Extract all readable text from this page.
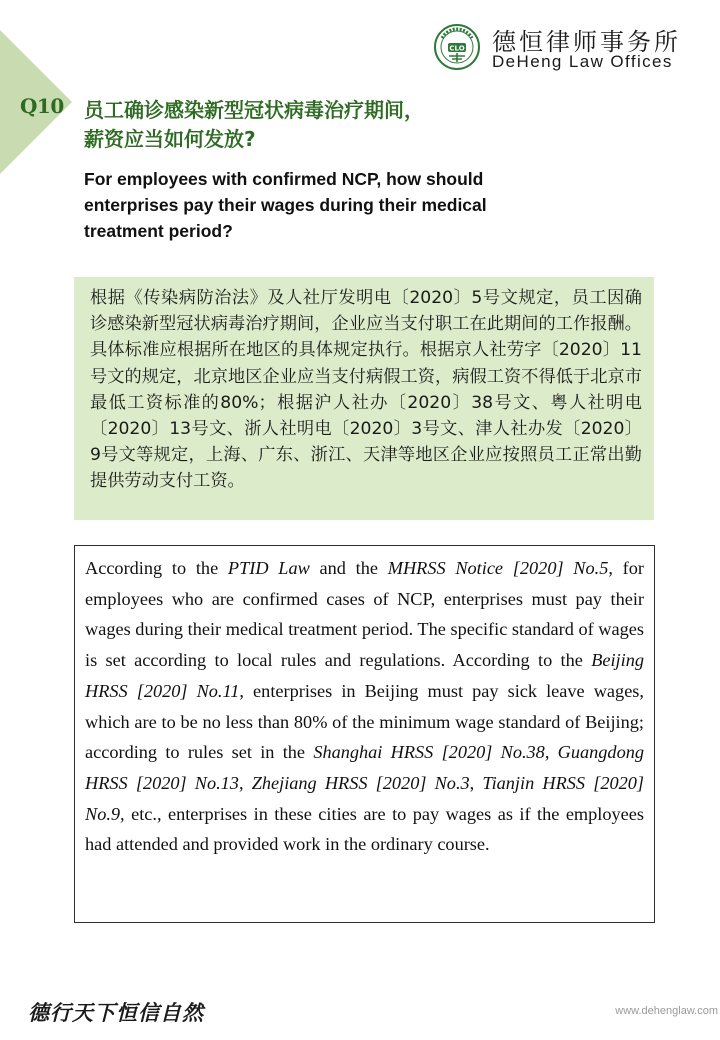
Q10
CLO 德恒律师事务所
DeHeng Law Offices
员工确诊感染新型冠状病毒治疗期间，
薪资应当如何发放?
For employees with confirmed NCP, how should enterprises pay their wages during their medical treatment period?

根据《传染病防治法》及人社厅发明电〔2020〕5号文规定，员工因确诊感染新型冠状病毒治疗期间，企业应当支付职工在此期间的工作报酬。具体标准应根据所在地区的具体规定执行。根据京人社劳字〔2020〕11号文的规定，北京地区企业应当支付病假工资，病假工资不得低于北京市最低工资标准的80%；根据沪人社办〔2020〕38号文、粤人社明电〔2020〕13号文、浙人社明电〔2020〕3号文、津人社办发〔2020〕9号文等规定，上海、广东、浙江、天津等地区企业应按照员工正常出勤提供劳动支付工资。

According to the PTID Law and the MHRSS Notice [2020] No.5, for employees who are confirmed cases of NCP, enterprises must pay their wages during their medical treatment period. The specific standard of wages is set according to local rules and regulations. According to the Beijing HRSS [2020] No.11, enterprises in Beijing must pay sick leave wages, which are to be no less than 80% of the minimum wage standard of Beijing; according to rules set in the Shanghai HRSS [2020] No.38, Guangdong HRSS [2020] No.13, Zhejiang HRSS [2020] No.3, Tianjin HRSS [2020] No.9, etc., enterprises in these cities are to pay wages as if the employees had attended and provided work in the ordinary course.

德行天下恒信自然	www.dehenglaw.com
